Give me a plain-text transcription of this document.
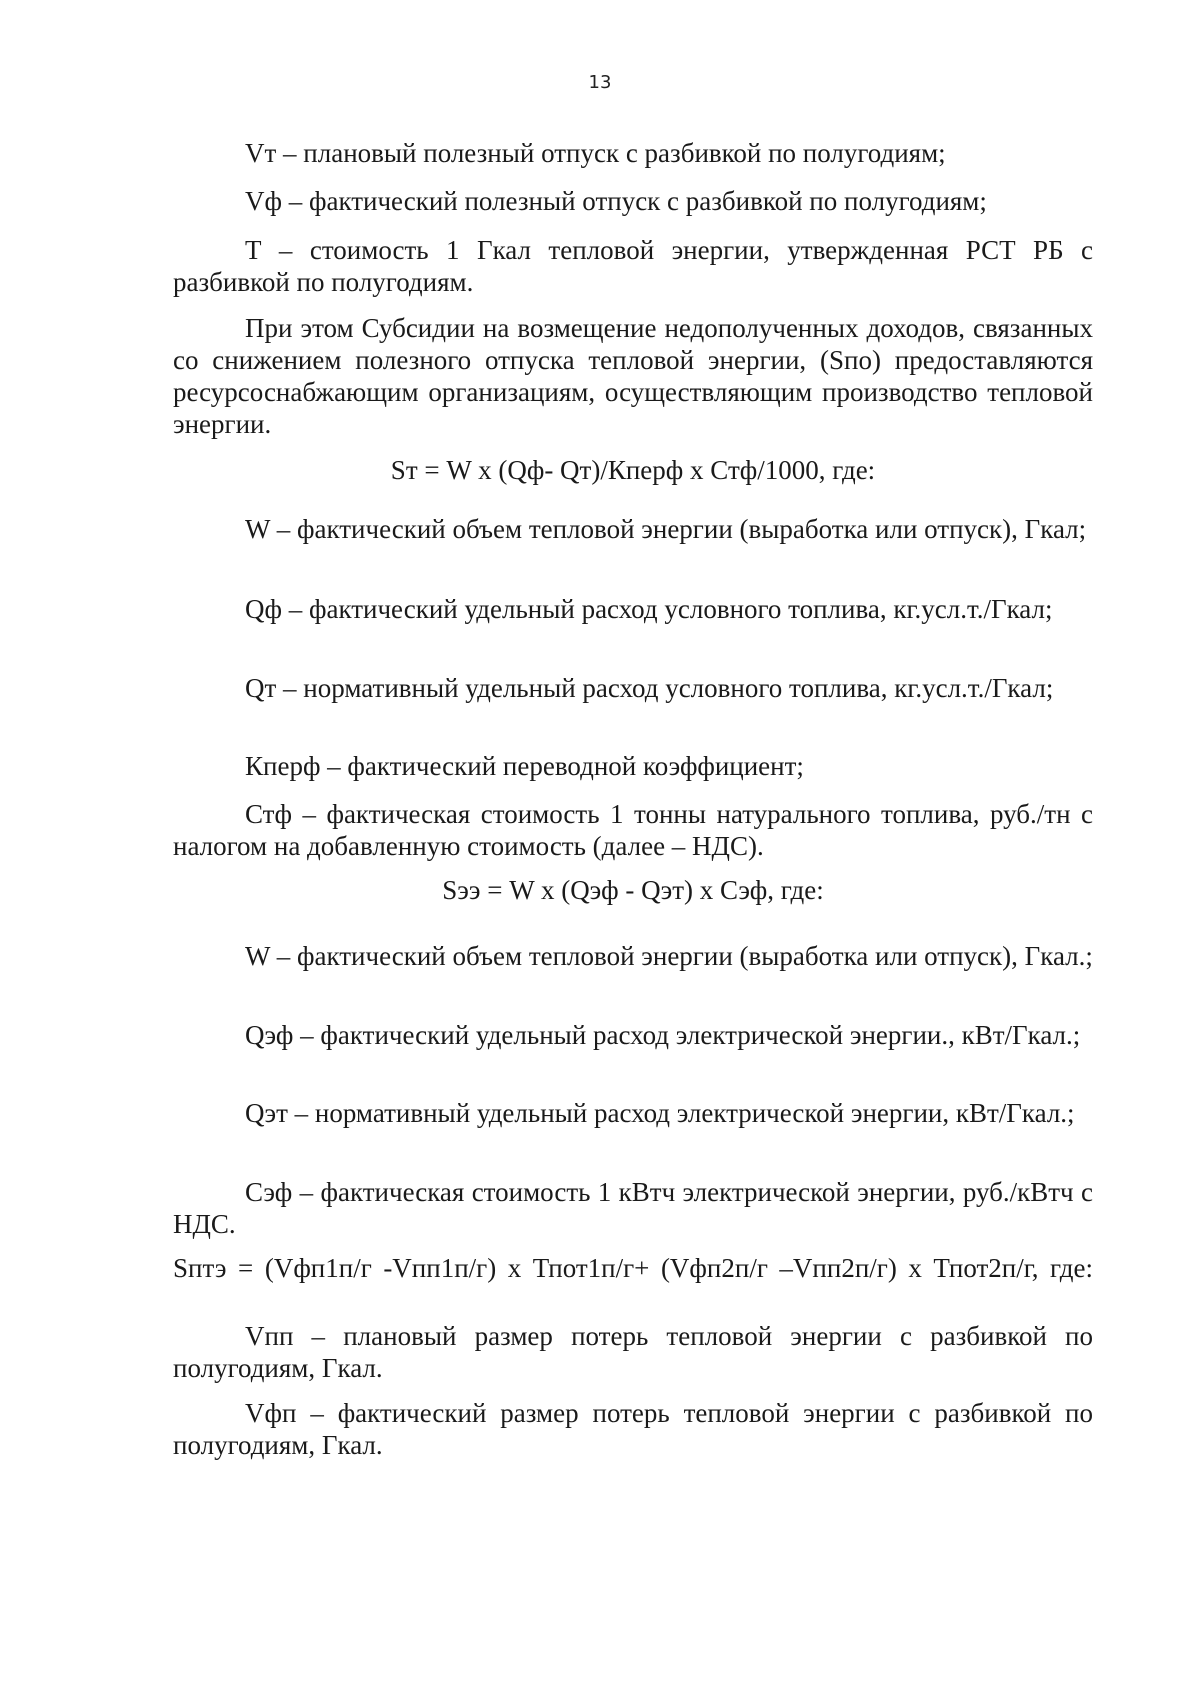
13

Vт – плановый полезный отпуск с разбивкой по полугодиям;

Vф – фактический полезный отпуск с разбивкой по полугодиям;

Т – стоимость 1 Гкал тепловой энергии, утвержденная РСТ РБ с разбивкой по полугодиям.

При этом Субсидии на возмещение недополученных доходов, связанных со снижением полезного отпуска тепловой энергии, (Sпо) предоставляются ресурсоснабжающим организациям, осуществляющим производство тепловой энергии.

Sт = W х (Qф- Qт)/Кперф х Стф/1000, где:

W – фактический объем тепловой энергии (выработка или отпуск), Гкал;

Qф – фактический удельный расход условного топлива, кг.усл.т./Гкал;

Qт – нормативный удельный расход условного топлива, кг.усл.т./Гкал;

Кперф – фактический переводной коэффициент;

Стф – фактическая стоимость 1 тонны натурального топлива, руб./тн с налогом на добавленную стоимость (далее – НДС).

Sээ = W х (Qэф - Qэт) х Сэф, где:

W – фактический объем тепловой энергии (выработка или отпуск), Гкал.;

Qэф – фактический удельный расход электрической энергии., кВт/Гкал.;

Qэт – нормативный удельный расход электрической энергии, кВт/Гкал.;

Сэф – фактическая стоимость 1 кВтч электрической энергии, руб./кВтч с НДС.

Sптэ = (Vфп1п/г -Vпп1п/г) х Тпот1п/г+ (Vфп2п/г –Vпп2п/г) х Тпот2п/г, где:

Vпп – плановый размер потерь тепловой энергии с разбивкой по полугодиям, Гкал.

Vфп – фактический размер потерь тепловой энергии с разбивкой по полугодиям, Гкал.
